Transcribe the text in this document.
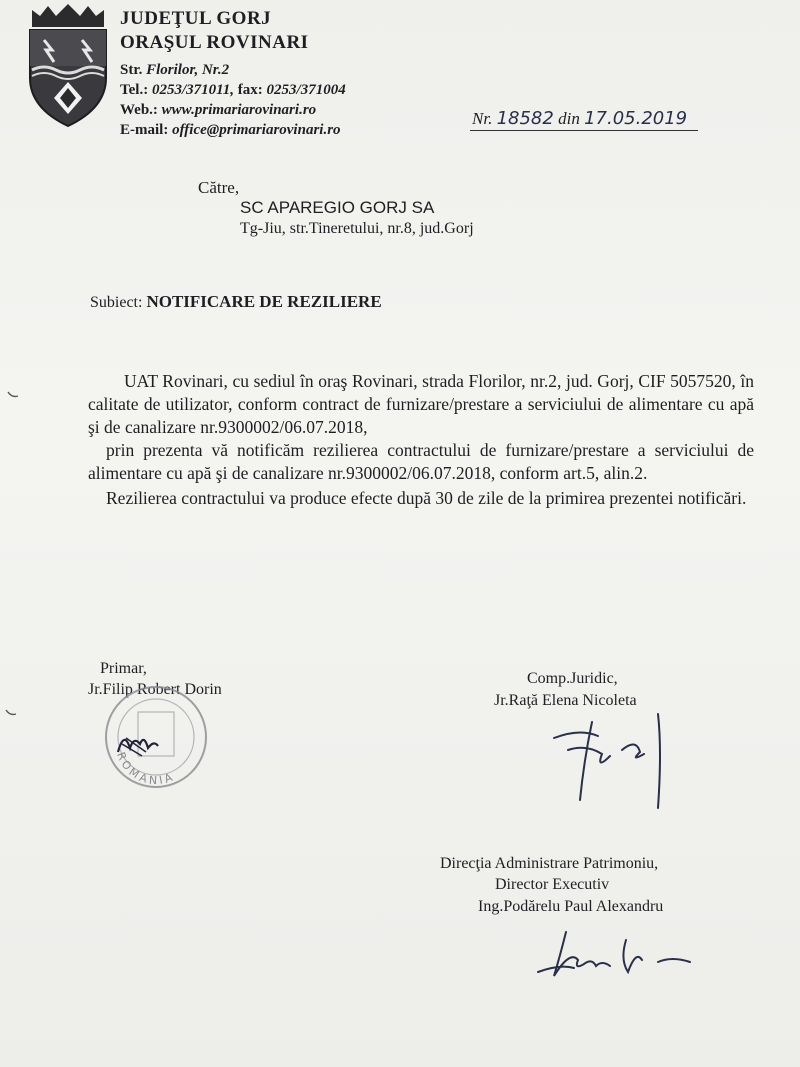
JUDEŢUL GORJ
ORAŞUL ROVINARI
Str. Florilor, Nr.2
Tel.: 0253/371011, fax: 0253/371004
Web.: www.primariarovinari.ro
E-mail: office@primariarovinari.ro
Nr. 18582 din 17.05.2019
Către,
SC APAREGIO GORJ SA
Tg-Jiu, str.Tineretului, nr.8, jud.Gorj
Subiect: NOTIFICARE DE REZILIERE

UAT Rovinari, cu sediul în oraş Rovinari, strada Florilor, nr.2, jud. Gorj, CIF 5057520, în calitate de utilizator, conform contract de furnizare/prestare a serviciului de alimentare cu apă şi de canalizare nr.9300002/06.07.2018,

prin prezenta vă notificăm rezilierea contractului de furnizare/prestare a serviciului de alimentare cu apă şi de canalizare nr.9300002/06.07.2018, conform art.5, alin.2.

Rezilierea contractului va produce efecte după 30 de zile de la primirea prezentei notificări.

Primar,
Jr.Filip Robert Dorin
ROMANIA
Comp.Juridic,
Jr.Raţă Elena Nicoleta
Direcţia Administrare Patrimoniu,
Director Executiv
Ing.Podărelu Paul Alexandru
